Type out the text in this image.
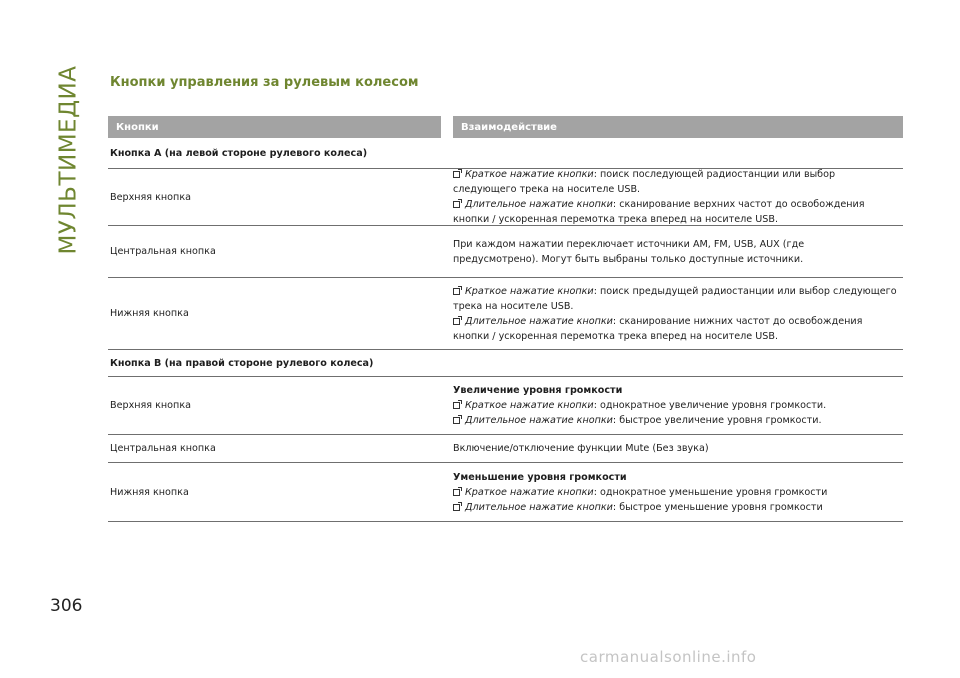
МУЛЬТИМЕДИА Кнопки управления за рулевым колесом
Кнопки	Взаимодействие
Кнопка A (на левой стороне рулевого колеса)
Верхняя кнопка
Краткое нажатие кнопки: поиск последующей радиостанции или выбор
следующего трека на носителе USB.
Длительное нажатие кнопки: сканирование верхних частот до освобождения
кнопки / ускоренная перемотка трека вперед на носителе USB.
Центральная кнопка
При каждом нажатии переключает источники AM, FM, USB, AUX (где
предусмотрено). Могут быть выбраны только доступные источники.
Нижняя кнопка
Краткое нажатие кнопки: поиск предыдущей радиостанции или выбор следующего
трека на носителе USB.
Длительное нажатие кнопки: сканирование нижних частот до освобождения
кнопки / ускоренная перемотка трека вперед на носителе USB.
Кнопка B (на правой стороне рулевого колеса)
Верхняя кнопка
Увеличение уровня громкости
Краткое нажатие кнопки: однократное увеличение уровня громкости.
Длительное нажатие кнопки: быстрое увеличение уровня громкости.
Центральная кнопка	Включение/отключение функции Mute (Без звука)
Нижняя кнопка
Уменьшение уровня громкости
Краткое нажатие кнопки: однократное уменьшение уровня громкости
Длительное нажатие кнопки: быстрое уменьшение уровня громкости
306
carmanualsonline.info
